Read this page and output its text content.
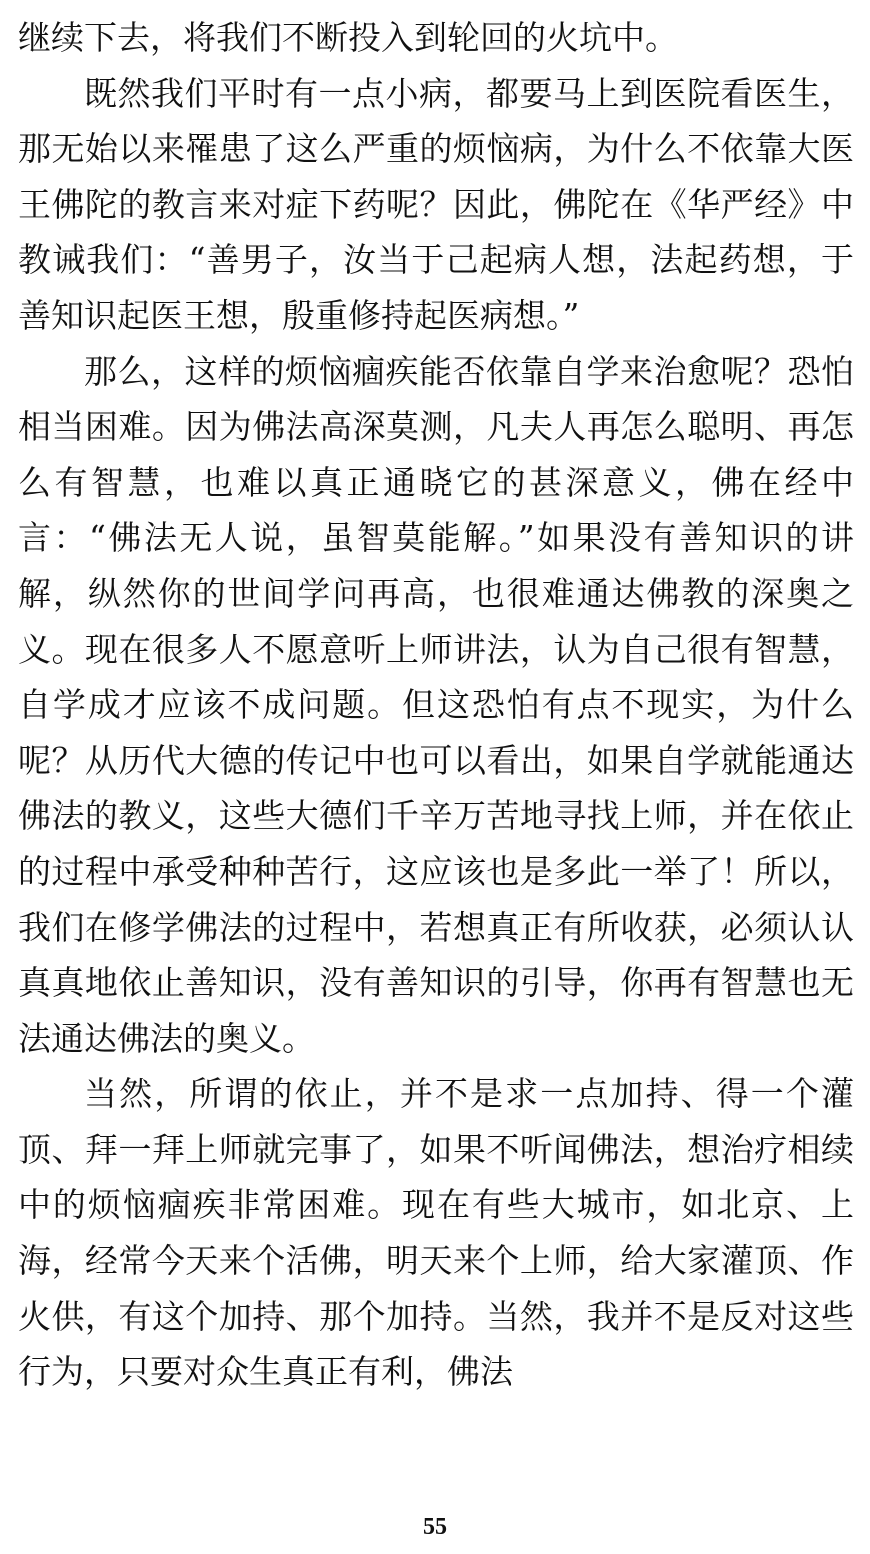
继续下去，将我们不断投入到轮回的火坑中。

既然我们平时有一点小病，都要马上到医院看医生，那无始以来罹患了这么严重的烦恼病，为什么不依靠大医王佛陀的教言来对症下药呢？因此，佛陀在《华严经》中教诫我们：“善男子，汝当于己起病人想，法起药想，于善知识起医王想，殷重修持起医病想。”

那么，这样的烦恼痼疾能否依靠自学来治愈呢？恐怕相当困难。因为佛法高深莫测，凡夫人再怎么聪明、再怎么有智慧，也难以真正通晓它的甚深意义，佛在经中言：“佛法无人说，虽智莫能解。”如果没有善知识的讲解，纵然你的世间学问再高，也很难通达佛教的深奥之义。现在很多人不愿意听上师讲法，认为自己很有智慧，自学成才应该不成问题。但这恐怕有点不现实，为什么呢？从历代大德的传记中也可以看出，如果自学就能通达佛法的教义，这些大德们千辛万苦地寻找上师，并在依止的过程中承受种种苦行，这应该也是多此一举了！所以，我们在修学佛法的过程中，若想真正有所收获，必须认认真真地依止善知识，没有善知识的引导，你再有智慧也无法通达佛法的奥义。

当然，所谓的依止，并不是求一点加持、得一个灌顶、拜一拜上师就完事了，如果不听闻佛法，想治疗相续中的烦恼痼疾非常困难。现在有些大城市，如北京、上海，经常今天来个活佛，明天来个上师，给大家灌顶、作火供，有这个加持、那个加持。当然，我并不是反对这些行为，只要对众生真正有利，佛法

55
